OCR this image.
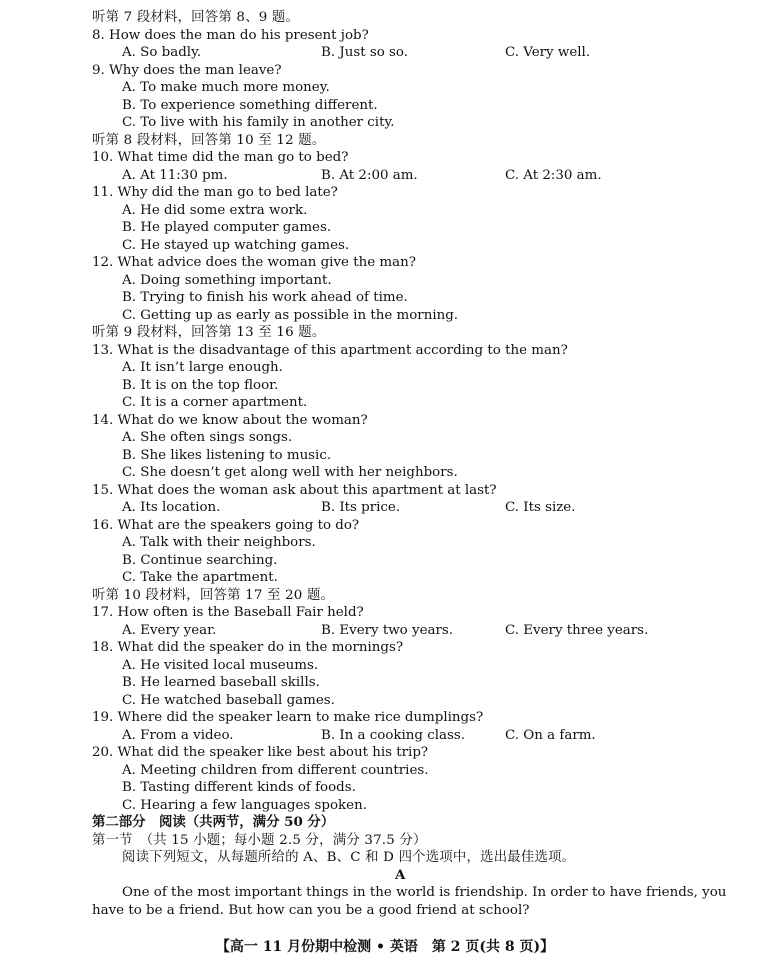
听第 7 段材料，回答第 8、9 题。
8. How does the man do his present job?
A. So badly.	B. Just so so.	C. Very well.
9. Why does the man leave?
A. To make much more money.
B. To experience something different.
C. To live with his family in another city.
听第 8 段材料，回答第 10 至 12 题。
10. What time did the man go to bed?
A. At 11:30 pm.	B. At 2:00 am.	C. At 2:30 am.
11. Why did the man go to bed late?
A. He did some extra work.
B. He played computer games.
C. He stayed up watching games.
12. What advice does the woman give the man?
A. Doing something important.
B. Trying to finish his work ahead of time.
C. Getting up as early as possible in the morning.
听第 9 段材料，回答第 13 至 16 题。
13. What is the disadvantage of this apartment according to the man?
A. It isn’t large enough.
B. It is on the top floor.
C. It is a corner apartment.
14. What do we know about the woman?
A. She often sings songs.
B. She likes listening to music.
C. She doesn’t get along well with her neighbors.
15. What does the woman ask about this apartment at last?
A. Its location.	B. Its price.	C. Its size.
16. What are the speakers going to do?
A. Talk with their neighbors.
B. Continue searching.
C. Take the apartment.
听第 10 段材料，回答第 17 至 20 题。
17. How often is the Baseball Fair held?
A. Every year.	B. Every two years.	C. Every three years.
18. What did the speaker do in the mornings?
A. He visited local museums.
B. He learned baseball skills.
C. He watched baseball games.
19. Where did the speaker learn to make rice dumplings?
A. From a video.	B. In a cooking class.	C. On a farm.
20. What did the speaker like best about his trip?
A. Meeting children from different countries.
B. Tasting different kinds of foods.
C. Hearing a few languages spoken.
第二部分　阅读（共两节，满分 50 分）
第一节　（共 15 小题；每小题 2.5 分，满分 37.5 分）
阅读下列短文，从每题所给的 A、B、C 和 D 四个选项中，选出最佳选项。
A
One of the most important things in the world is friendship. In order to have friends, you
have to be a friend. But how can you be a good friend at school?
【高一 11 月份期中检测 • 英语　第 2 页(共 8 页)】
